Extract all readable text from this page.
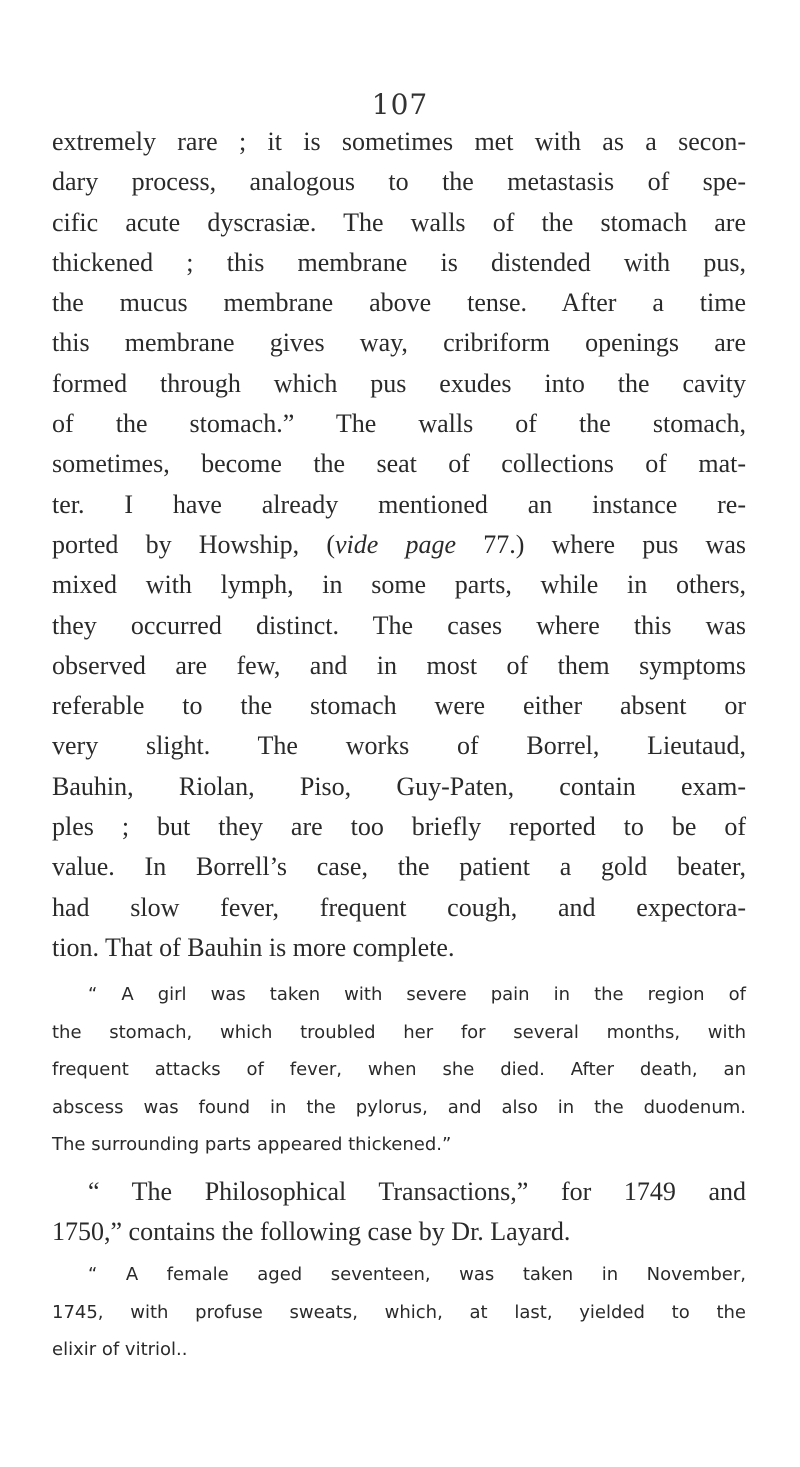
107
extremely rare ; it is sometimes met with as a secon-
dary process, analogous to the metastasis of spe-
cific acute dyscrasiæ. The walls of the stomach are
thickened ; this membrane is distended with pus,
the mucus membrane above tense. After a time
this membrane gives way, cribriform openings are
formed through which pus exudes into the cavity
of the stomach.” The walls of the stomach,
sometimes, become the seat of collections of mat-
ter. I have already mentioned an instance re-
ported by Howship, (vide page 77.) where pus was
mixed with lymph, in some parts, while in others,
they occurred distinct. The cases where this was
observed are few, and in most of them symptoms
referable to the stomach were either absent or
very slight. The works of Borrel, Lieutaud,
Bauhin, Riolan, Piso, Guy-Paten, contain exam-
ples ; but they are too briefly reported to be of
value. In Borrell’s case, the patient a gold beater,
had slow fever, frequent cough, and expectora-
tion. That of Bauhin is more complete.
“ A girl was taken with severe pain in the region of
the stomach, which troubled her for several months, with
frequent attacks of fever, when she died. After death, an
abscess was found in the pylorus, and also in the duodenum.
The surrounding parts appeared thickened.”
“ The Philosophical Transactions,” for 1749 and
1750,” contains the following case by Dr. Layard.
“ A female aged seventeen, was taken in November,
1745, with profuse sweats, which, at last, yielded to the
elixir of vitriol..
